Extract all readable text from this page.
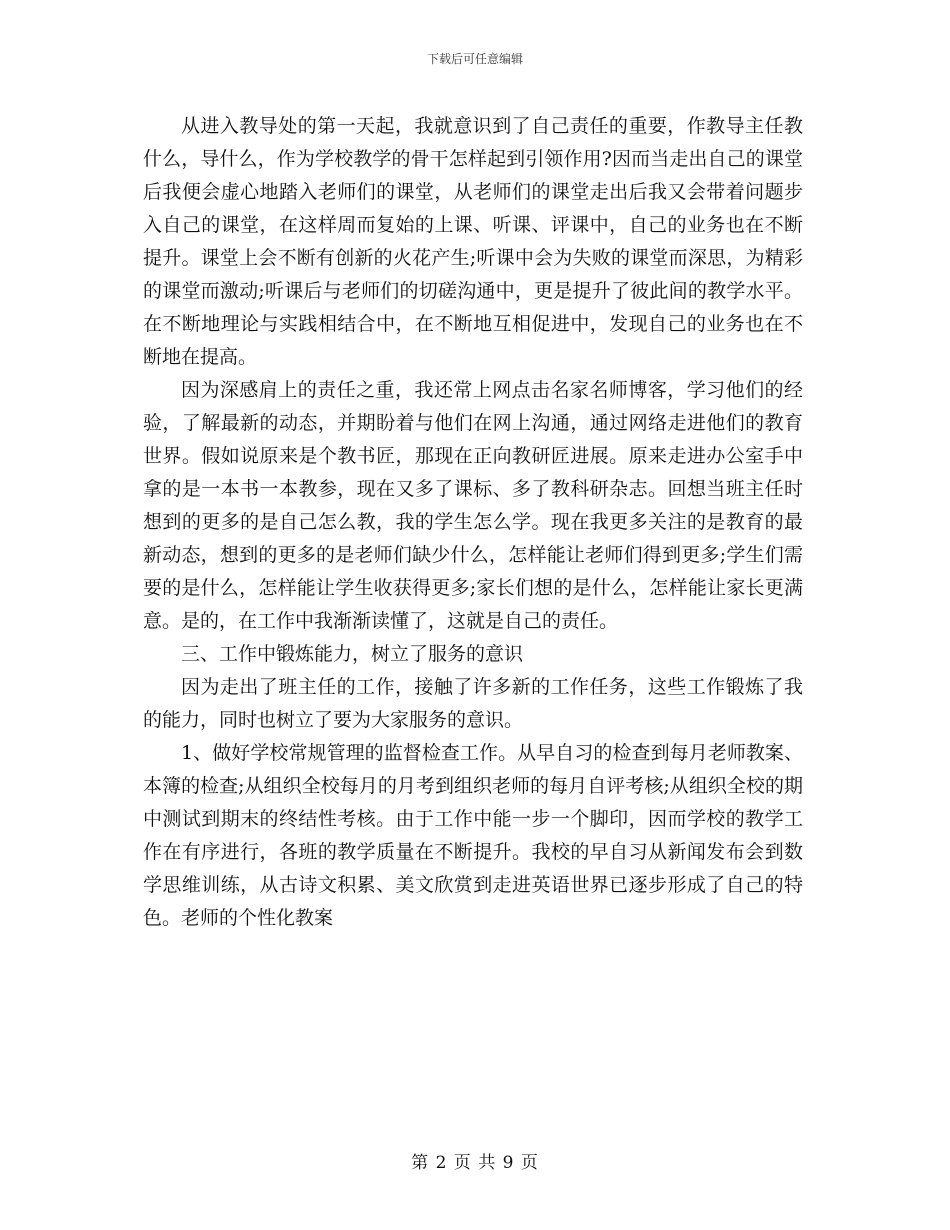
下载后可任意编辑

从进入教导处的第一天起，我就意识到了自己责任的重要，作教导主任教什么，导什么，作为学校教学的骨干怎样起到引领作用?因而当走出自己的课堂后我便会虚心地踏入老师们的课堂，从老师们的课堂走出后我又会带着问题步入自己的课堂，在这样周而复始的上课、听课、评课中，自己的业务也在不断提升。课堂上会不断有创新的火花产生;听课中会为失败的课堂而深思，为精彩的课堂而激动;听课后与老师们的切磋沟通中，更是提升了彼此间的教学水平。在不断地理论与实践相结合中，在不断地互相促进中，发现自己的业务也在不断地在提高。

因为深感肩上的责任之重，我还常上网点击名家名师博客，学习他们的经验，了解最新的动态，并期盼着与他们在网上沟通，通过网络走进他们的教育世界。假如说原来是个教书匠，那现在正向教研匠进展。原来走进办公室手中拿的是一本书一本教参，现在又多了课标、多了教科研杂志。回想当班主任时想到的更多的是自己怎么教，我的学生怎么学。现在我更多关注的是教育的最新动态，想到的更多的是老师们缺少什么，怎样能让老师们得到更多;学生们需要的是什么，怎样能让学生收获得更多;家长们想的是什么，怎样能让家长更满意。是的，在工作中我渐渐读懂了，这就是自己的责任。

三、工作中锻炼能力，树立了服务的意识

因为走出了班主任的工作，接触了许多新的工作任务，这些工作锻炼了我的能力，同时也树立了要为大家服务的意识。

1、做好学校常规管理的监督检查工作。从早自习的检查到每月老师教案、本簿的检查;从组织全校每月的月考到组织老师的每月自评考核;从组织全校的期中测试到期末的终结性考核。由于工作中能一步一个脚印，因而学校的教学工作在有序进行，各班的教学质量在不断提升。我校的早自习从新闻发布会到数学思维训练，从古诗文积累、美文欣赏到走进英语世界已逐步形成了自己的特色。老师的个性化教案

第 2 页 共 9 页
